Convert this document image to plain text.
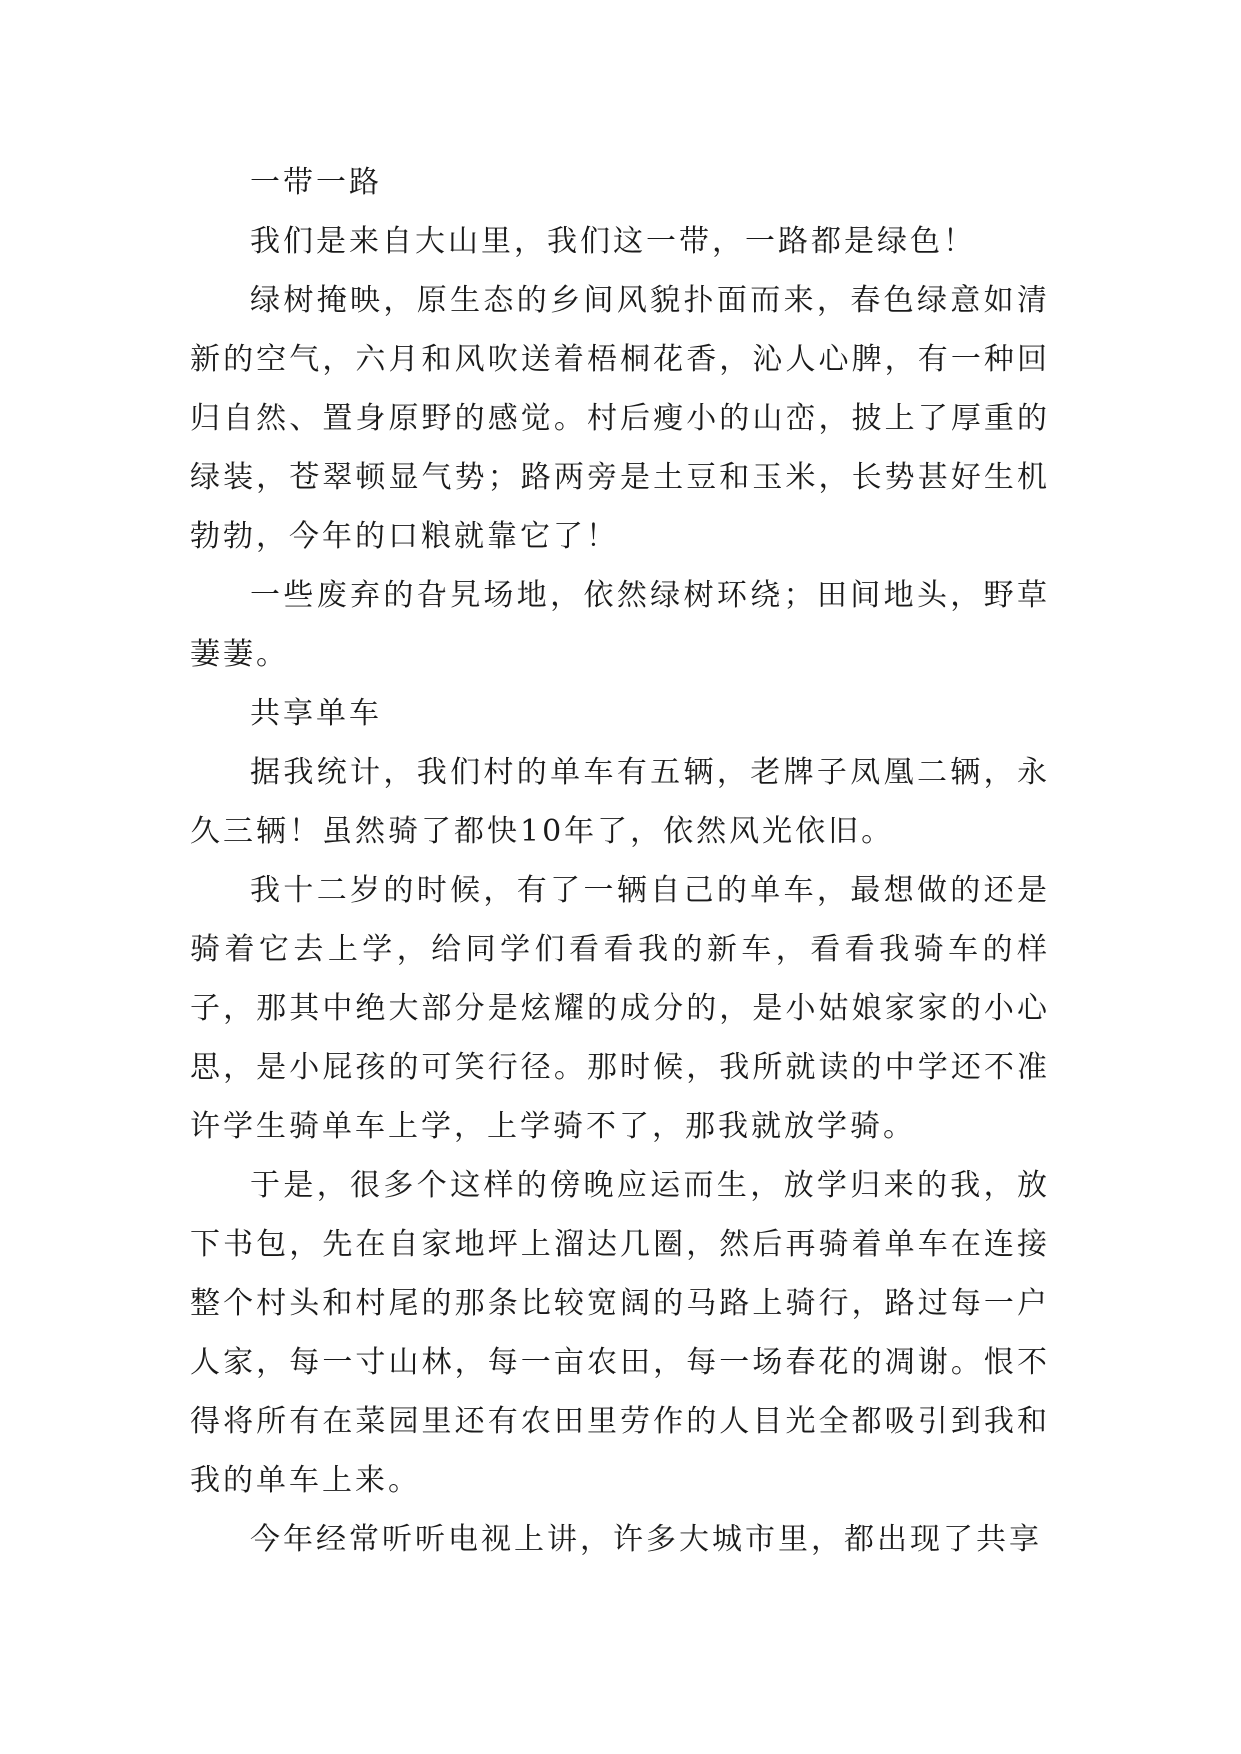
一带一路

我们是来自大山里，我们这一带，一路都是绿色！

绿树掩映，原生态的乡间风貌扑面而来，春色绿意如清新的空气，六月和风吹送着梧桐花香，沁人心脾，有一种回归自然、置身原野的感觉。村后瘦小的山峦，披上了厚重的绿装，苍翠顿显气势；路两旁是土豆和玉米，长势甚好生机勃勃，今年的口粮就靠它了！

一些废弃的旮旯场地，依然绿树环绕；田间地头，野草萋萋。

共享单车

据我统计，我们村的单车有五辆，老牌子凤凰二辆，永久三辆！虽然骑了都快10年了，依然风光依旧。

我十二岁的时候，有了一辆自己的单车，最想做的还是骑着它去上学，给同学们看看我的新车，看看我骑车的样子，那其中绝大部分是炫耀的成分的，是小姑娘家家的小心思，是小屁孩的可笑行径。那时候，我所就读的中学还不准许学生骑单车上学，上学骑不了，那我就放学骑。

于是，很多个这样的傍晚应运而生，放学归来的我，放下书包，先在自家地坪上溜达几圈，然后再骑着单车在连接整个村头和村尾的那条比较宽阔的马路上骑行，路过每一户人家，每一寸山林，每一亩农田，每一场春花的凋谢。恨不得将所有在菜园里还有农田里劳作的人目光全都吸引到我和我的单车上来。

今年经常听听电视上讲，许多大城市里，都出现了共享
